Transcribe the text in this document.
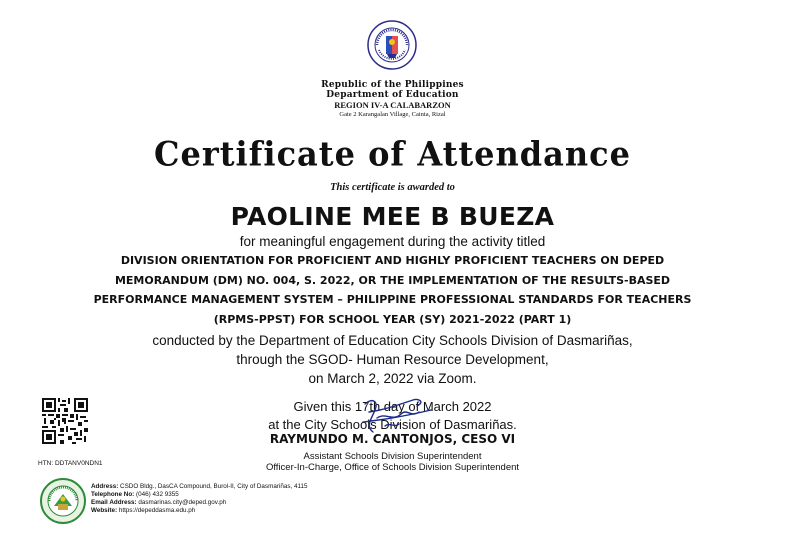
Republic of the Philippines
Department of Education
REGION IV-A CALABARZON
Gate 2 Karangalan Village, Cainta, Rizal
Certificate of Attendance
This certificate is awarded to
PAOLINE MEE B BUEZA
for meaningful engagement during the activity titled
DIVISION ORIENTATION FOR PROFICIENT AND HIGHLY PROFICIENT TEACHERS ON DEPED
MEMORANDUM (DM) NO. 004, S. 2022, OR THE IMPLEMENTATION OF THE RESULTS-BASED
PERFORMANCE MANAGEMENT SYSTEM – PHILIPPINE PROFESSIONAL STANDARDS FOR TEACHERS
(RPMS-PPST) FOR SCHOOL YEAR (SY) 2021-2022 (PART 1)
conducted by the Department of Education City Schools Division of Dasmariñas,
through the SGOD- Human Resource Development,
on March 2, 2022 via Zoom.
HTN: DDTANV0NDN1
Given this 17th day of March 2022
at the City Schools Division of Dasmariñas.
RAYMUNDO M. CANTONJOS, CESO VI
Assistant Schools Division Superintendent
Officer-In-Charge, Office of Schools Division Superintendent
Address: CSDO Bldg., DasCA Compound, Burol-II, City of Dasmariñas, 4115
Telephone No: (046) 432 9355
Email Address: dasmarinas.city@deped.gov.ph
Website: https://depeddasma.edu.ph
